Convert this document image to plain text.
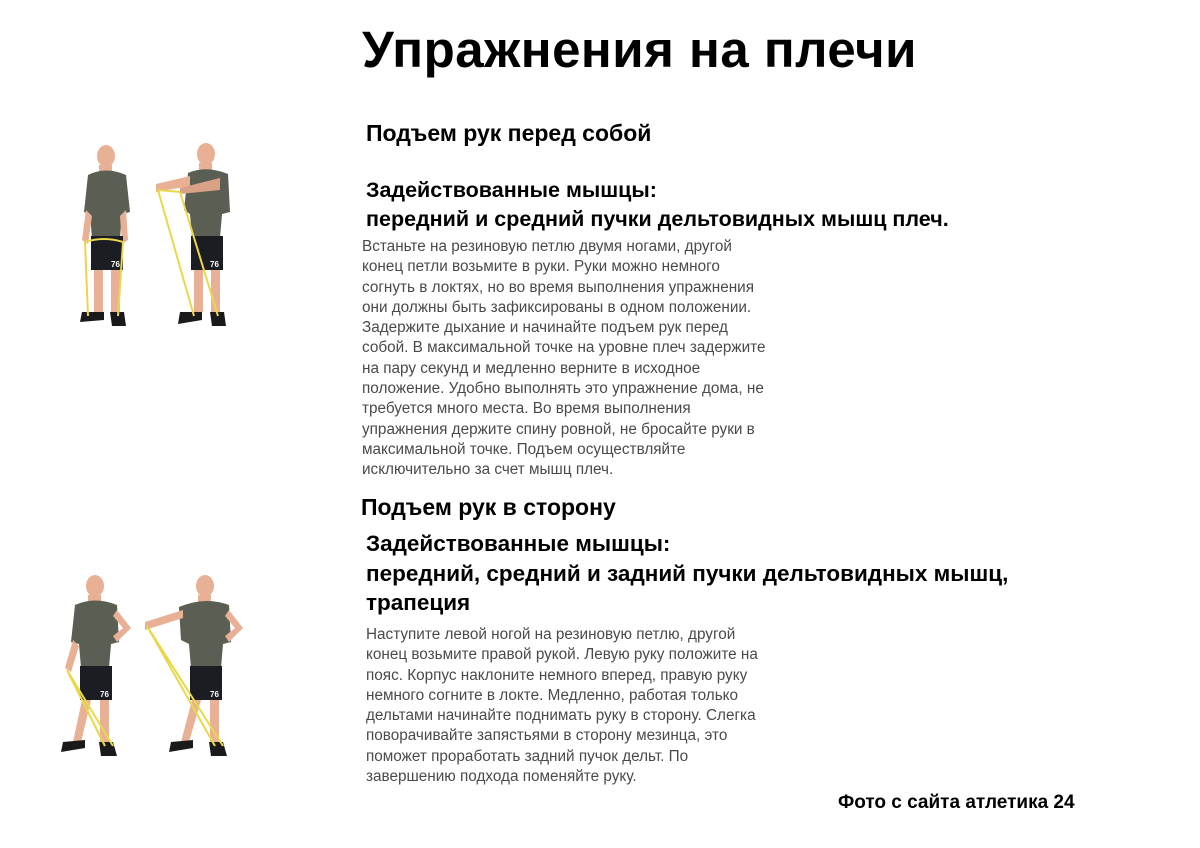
Упражнения на плечи
Подъем рук перед собой
Задействованные мышцы:
передний и средний пучки дельтовидных мышц плеч.
Встаньте на резиновую петлю двумя ногами, другой
конец петли возьмите в руки. Руки можно немного
согнуть в локтях, но во время выполнения упражнения
они должны быть зафиксированы в одном положении.
Задержите дыхание и начинайте подъем рук перед
собой. В максимальной точке на уровне плеч задержите
на пару секунд и медленно верните в исходное
положение. Удобно выполнять это упражнение дома, не
требуется много места. Во время выполнения
упражнения держите спину ровной, не бросайте руки в
максимальной точке. Подъем осуществляйте
исключительно за счет мышц плеч.
76	76
Подъем рук в сторону
Задействованные мышцы:
передний, средний и задний пучки дельтовидных мышц,
трапеция
Наступите левой ногой на резиновую петлю, другой
конец возьмите правой рукой. Левую руку положите на
пояс. Корпус наклоните немного вперед, правую руку
немного согните в локте. Медленно, работая только
дельтами начинайте поднимать руку в сторону. Слегка
поворачивайте запястьями в сторону мезинца, это
поможет проработать задний пучок дельт. По
завершению подхода поменяйте руку.
76	76

Фото с сайта атлетика 24
